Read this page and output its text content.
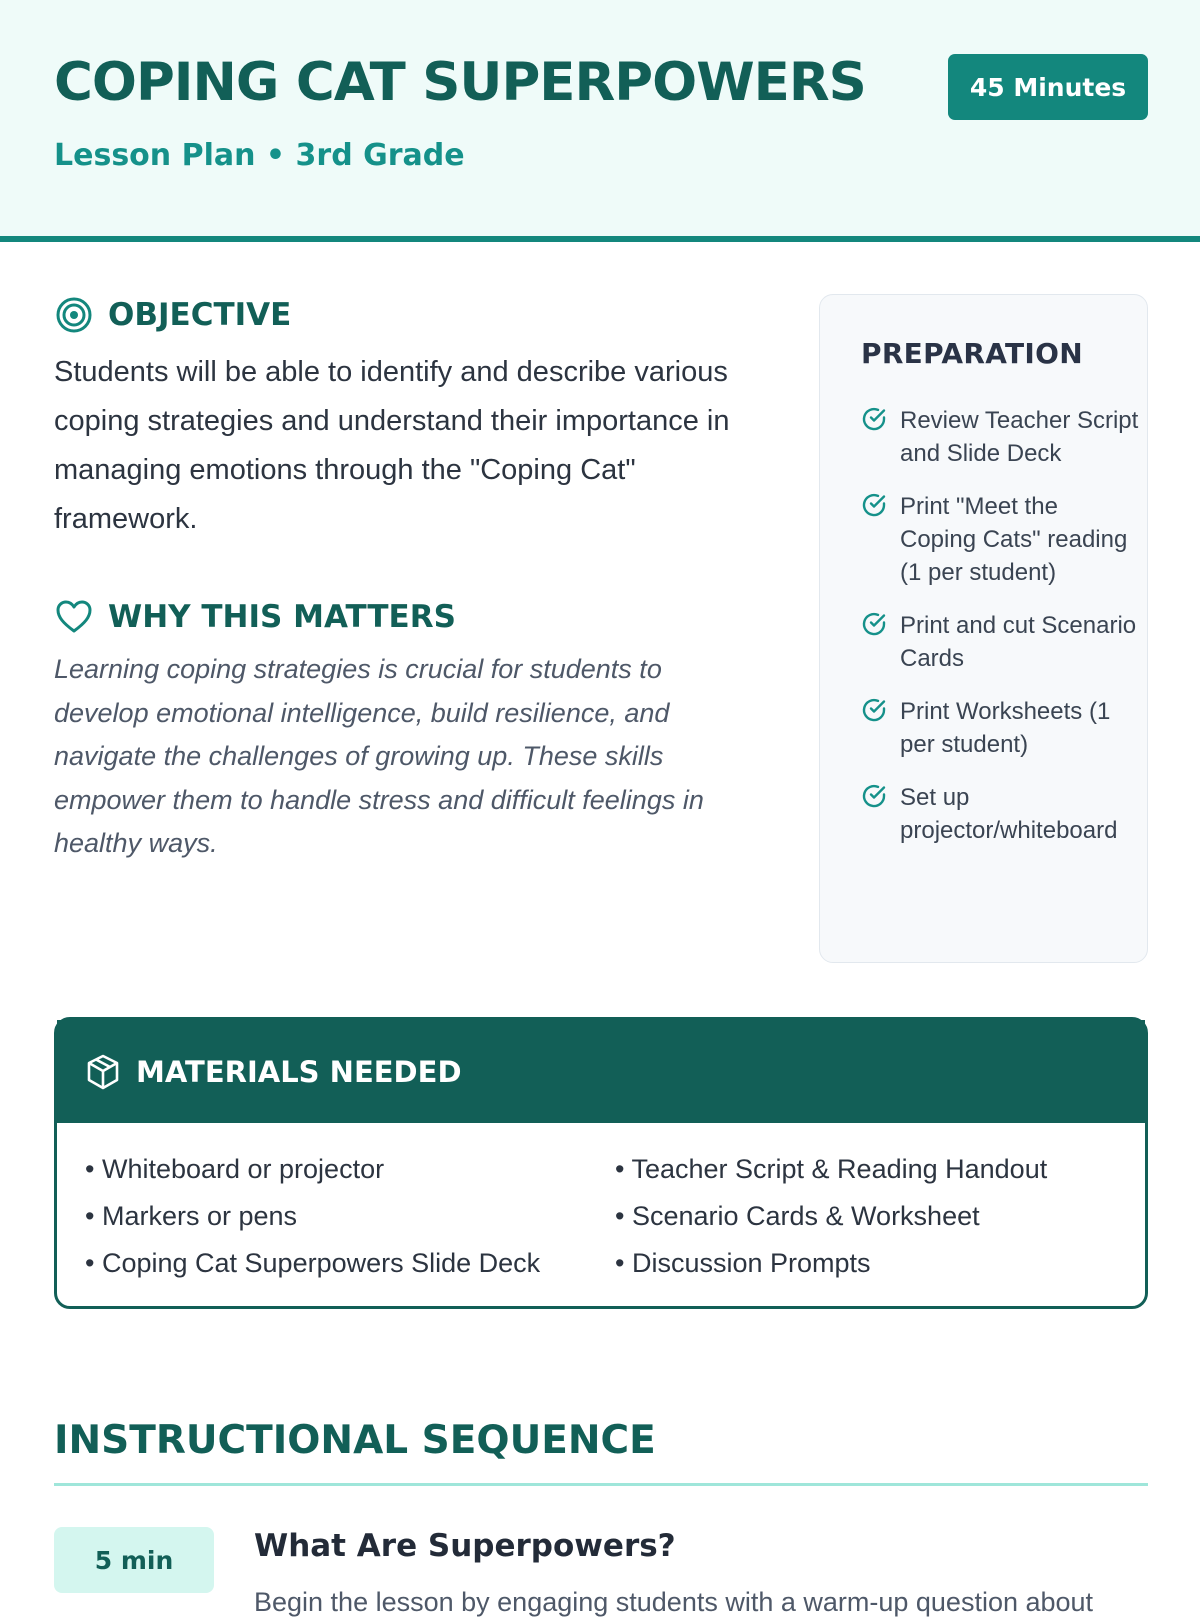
COPING CAT SUPERPOWERS
Lesson Plan • 3rd Grade
45 Minutes
OBJECTIVE

Students will be able to identify and describe various coping strategies and understand their importance in managing emotions through the "Coping Cat" framework.

WHY THIS MATTERS

Learning coping strategies is crucial for students to develop emotional intelligence, build resilience, and navigate the challenges of growing up. These skills empower them to handle stress and difficult feelings in healthy ways.

PREPARATION
Review Teacher Script and Slide Deck
Print "Meet the Coping Cats" reading (1 per student)
Print and cut Scenario Cards
Print Worksheets (1 per student)
Set up projector/whiteboard
MATERIALS NEEDED
• Whiteboard or projector	• Teacher Script & Reading Handout
• Markers or pens	• Scenario Cards & Worksheet
• Coping Cat Superpowers Slide Deck	• Discussion Prompts
INSTRUCTIONAL SEQUENCE
5 min	What Are Superpowers?
Begin the lesson by engaging students with a warm-up question about
